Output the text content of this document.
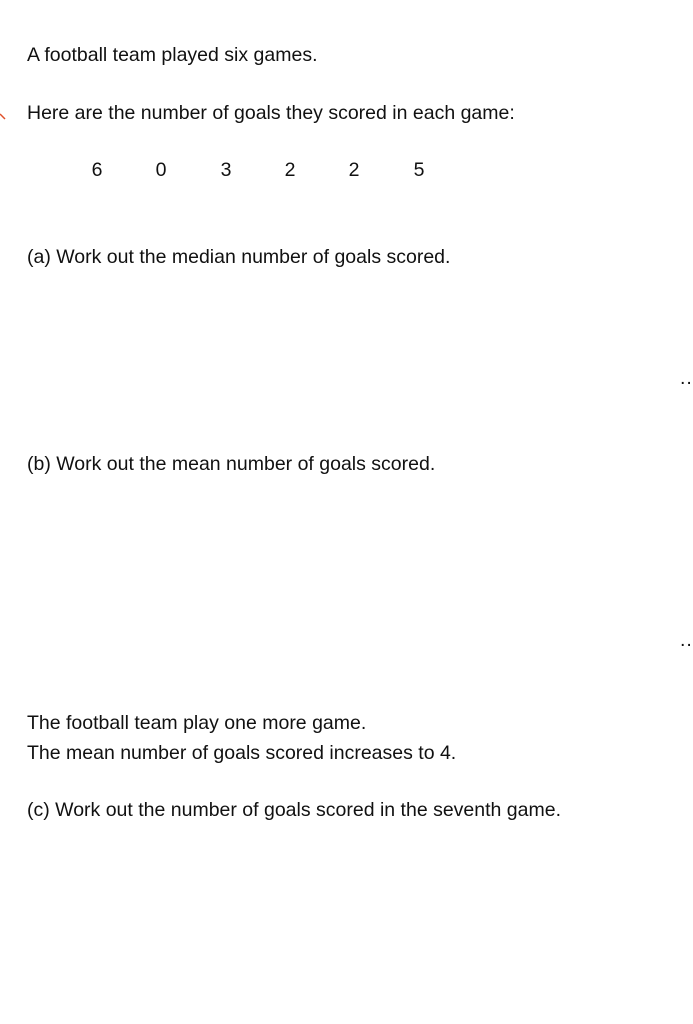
A football team played six games.

Here are the number of goals they scored in each game:

6	0	3	2	2	5

(a) Work out the median number of goals scored.

..

(b) Work out the mean number of goals scored.

..

The football team play one more game.

The mean number of goals scored increases to 4.

(c) Work out the number of goals scored in the seventh game.
